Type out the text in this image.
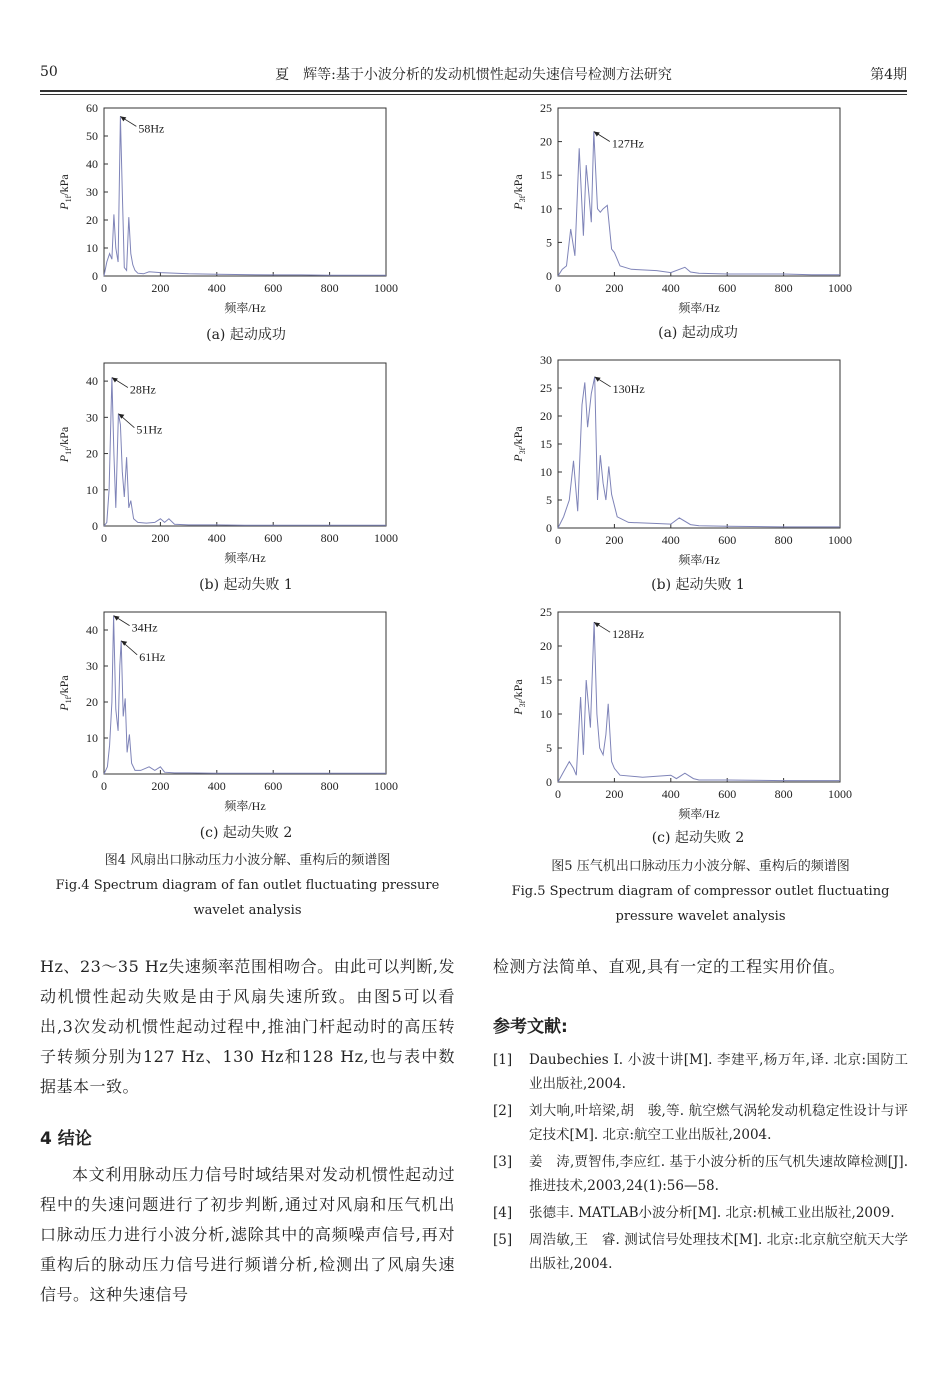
50	夏　辉等:基于小波分析的发动机惯性起动失速信号检测方法研究	第4期
0	200	400	600	800	1000
0
10
20
30
40
50
60
频率/Hz
$P_{1f}$/kPa
58Hz
(a) 起动成功
0	200	400	600	800	1000
0
10
20
30
40
频率/Hz
$P_{1f}$/kPa
28Hz
51Hz
(b) 起动失败 1
0	200	400	600	800	1000
0
10
20
30
40
频率/Hz
$P_{1f}$/kPa
34Hz
61Hz
(c) 起动失败 2
图4 风扇出口脉动压力小波分解、重构后的频谱图
Fig.4 Spectrum diagram of fan outlet fluctuating pressure
wavelet analysis
0	200	400	600	800	1000
0
5
10
15
20
25
频率/Hz
$P_{3f}$/kPa
127Hz
(a) 起动成功
0	200	400	600	800	1000
0
5
10
15
20
25
30
频率/Hz
$P_{3f}$/kPa
130Hz
(b) 起动失败 1
0	200	400	600	800	1000
0
5
10
15
20
25
频率/Hz
$P_{3f}$/kPa
128Hz
(c) 起动失败 2
图5 压气机出口脉动压力小波分解、重构后的频谱图
Fig.5 Spectrum diagram of compressor outlet fluctuating
pressure wavelet analysis

Hz、23～35 Hz失速频率范围相吻合。由此可以判断,发动机惯性起动失败是由于风扇失速所致。由图5可以看出,3次发动机惯性起动过程中,推油门杆起动时的高压转子转频分别为127 Hz、130 Hz和128 Hz,也与表中数据基本一致。

4 结论

本文利用脉动压力信号时域结果对发动机惯性起动过程中的失速问题进行了初步判断,通过对风扇和压气机出口脉动压力进行小波分析,滤除其中的高频噪声信号,再对重构后的脉动压力信号进行频谱分析,检测出了风扇失速信号。这种失速信号

检测方法简单、直观,具有一定的工程实用价值。

参考文献:
[1]	Daubechies I. 小波十讲[M]. 李建平,杨万年,译. 北京:国防工业出版社,2004.
[2]	刘大响,叶培梁,胡　骏,等. 航空燃气涡轮发动机稳定性设计与评定技术[M]. 北京:航空工业出版社,2004.
[3]	姜　涛,贾智伟,李应红. 基于小波分析的压气机失速故障检测[J]. 推进技术,2003,24(1):56—58.
[4]	张德丰. MATLAB小波分析[M]. 北京:机械工业出版社,2009.
[5]	周浩敏,王　睿. 测试信号处理技术[M]. 北京:北京航空航天大学出版社,2004.
